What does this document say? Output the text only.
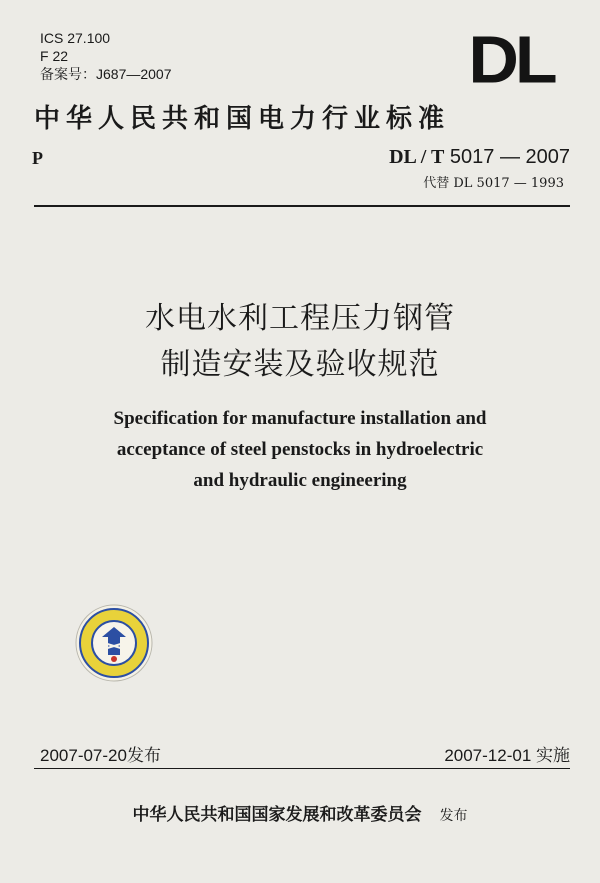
ICS 27.100
F 22
备案号：J687—2007	DL
中华人民共和国电力行业标准
P	DL / T 5017 — 2007
代替 DL 5017 — 1993
水电水利工程压力钢管
制造安装及验收规范
Specification for manufacture installation and
acceptance of steel penstocks in hydroelectric
and hydraulic engineering
2007-07-20发布	2007-12-01 实施
中华人民共和国国家发展和改革委员会 发布
